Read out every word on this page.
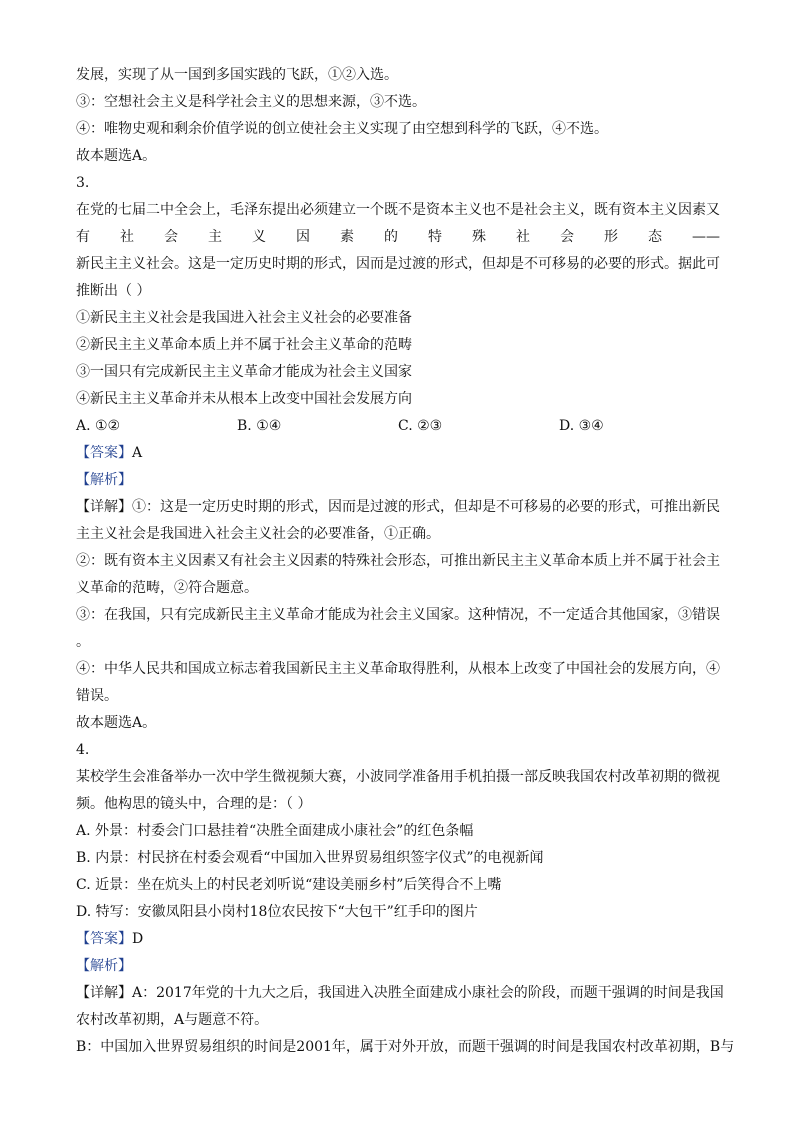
发展，实现了从一国到多国实践的飞跃，①②入选。
③：空想社会主义是科学社会主义的思想来源，③不选。
④：唯物史观和剩余价值学说的创立使社会主义实现了由空想到科学的飞跃，④不选。
故本题选A。
3.
在党的七届二中全会上，毛泽东提出必须建立一个既不是资本主义也不是社会主义，既有资本主义因素又
有 社 会 主 义 因 素 的 特 殊 社 会 形 态 ——
新民主主义社会。这是一定历史时期的形式，因而是过渡的形式，但却是不可移易的必要的形式。据此可
推断出（ ）
①新民主主义社会是我国进入社会主义社会的必要准备
②新民主主义革命本质上并不属于社会主义革命的范畴
③一国只有完成新民主主义革命才能成为社会主义国家
④新民主主义革命并未从根本上改变中国社会发展方向
A. ①②	B. ①④	C. ②③	D. ③④
【答案】A
【解析】
【详解】①：这是一定历史时期的形式，因而是过渡的形式，但却是不可移易的必要的形式，可推出新民
主主义社会是我国进入社会主义社会的必要准备，①正确。
②：既有资本主义因素又有社会主义因素的特殊社会形态，可推出新民主主义革命本质上并不属于社会主
义革命的范畴，②符合题意。
③：在我国，只有完成新民主主义革命才能成为社会主义国家。这种情况，不一定适合其他国家，③错误
。
④：中华人民共和国成立标志着我国新民主主义革命取得胜利，从根本上改变了中国社会的发展方向，④
错误。
故本题选A。
4.
某校学生会准备举办一次中学生微视频大赛，小波同学准备用手机拍摄一部反映我国农村改革初期的微视
频。他构思的镜头中，合理的是：（ ）
A. 外景：村委会门口悬挂着“决胜全面建成小康社会”的红色条幅
B. 内景：村民挤在村委会观看“中国加入世界贸易组织签字仪式”的电视新闻
C. 近景：坐在炕头上的村民老刘听说“建设美丽乡村”后笑得合不上嘴
D. 特写：安徽凤阳县小岗村18位农民按下“大包干”红手印的图片
【答案】D
【解析】
【详解】A：2017年党的十九大之后，我国进入决胜全面建成小康社会的阶段，而题干强调的时间是我国
农村改革初期，A与题意不符。
B：中国加入世界贸易组织的时间是2001年，属于对外开放，而题干强调的时间是我国农村改革初期，B与
